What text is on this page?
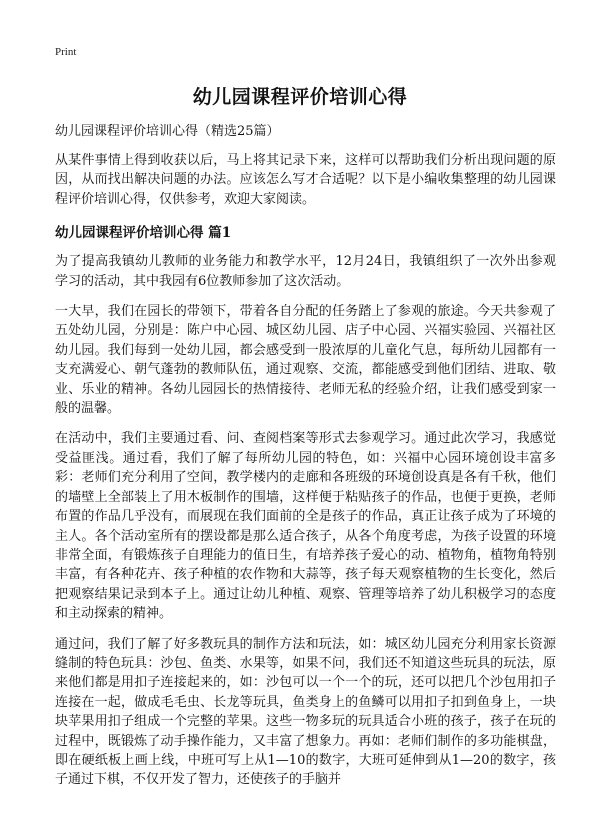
Print
幼儿园课程评价培训心得

幼儿园课程评价培训心得（精选25篇）

从某件事情上得到收获以后，马上将其记录下来，这样可以帮助我们分析出现问题的原因，从而找出解决问题的办法。应该怎么写才合适呢？以下是小编收集整理的幼儿园课程评价培训心得，仅供参考，欢迎大家阅读。

幼儿园课程评价培训心得 篇1

为了提高我镇幼儿教师的业务能力和教学水平，12月24日，我镇组织了一次外出参观学习的活动，其中我园有6位教师参加了这次活动。

一大早，我们在园长的带领下，带着各自分配的任务踏上了参观的旅途。今天共参观了五处幼儿园，分别是：陈户中心园、城区幼儿园、店子中心园、兴福实验园、兴福社区幼儿园。我们每到一处幼儿园，都会感受到一股浓厚的儿童化气息，每所幼儿园都有一支充满爱心、朝气蓬勃的教师队伍，通过观察、交流，都能感受到他们团结、进取、敬业、乐业的精神。各幼儿园园长的热情接待、老师无私的经验介绍，让我们感受到家一般的温馨。

在活动中，我们主要通过看、问、查阅档案等形式去参观学习。通过此次学习，我感觉受益匪浅。通过看，我们了解了每所幼儿园的特色，如：兴福中心园环境创设丰富多彩：老师们充分利用了空间，教学楼内的走廊和各班级的环境创设真是各有千秋，他们的墙壁上全部装上了用木板制作的围墙，这样便于粘贴孩子的作品，也便于更换，老师布置的作品几乎没有，而展现在我们面前的全是孩子的作品，真正让孩子成为了环境的主人。各个活动室所有的摆设都是那么适合孩子，从各个角度考虑，为孩子设置的环境非常全面，有锻炼孩子自理能力的值日生，有培养孩子爱心的动、植物角，植物角特别丰富，有各种花卉、孩子种植的农作物和大蒜等，孩子每天观察植物的生长变化，然后把观察结果记录到本子上。通过让幼儿种植、观察、管理等培养了幼儿积极学习的态度和主动探索的精神。

通过问，我们了解了好多教玩具的制作方法和玩法，如：城区幼儿园充分利用家长资源缝制的特色玩具：沙包、鱼类、水果等，如果不问，我们还不知道这些玩具的玩法，原来他们都是用扣子连接起来的，如：沙包可以一个一个的玩，还可以把几个沙包用扣子连接在一起，做成毛毛虫、长龙等玩具，鱼类身上的鱼鳞可以用扣子扣到鱼身上，一块块苹果用扣子组成一个完整的苹果。这些一物多玩的玩具适合小班的孩子，孩子在玩的过程中，既锻炼了动手操作能力，又丰富了想象力。再如：老师们制作的多功能棋盘，即在硬纸板上画上线，中班可写上从1—10的数字，大班可延伸到从1—20的数字，孩子通过下棋，不仅开发了智力，还使孩子的手脑并
